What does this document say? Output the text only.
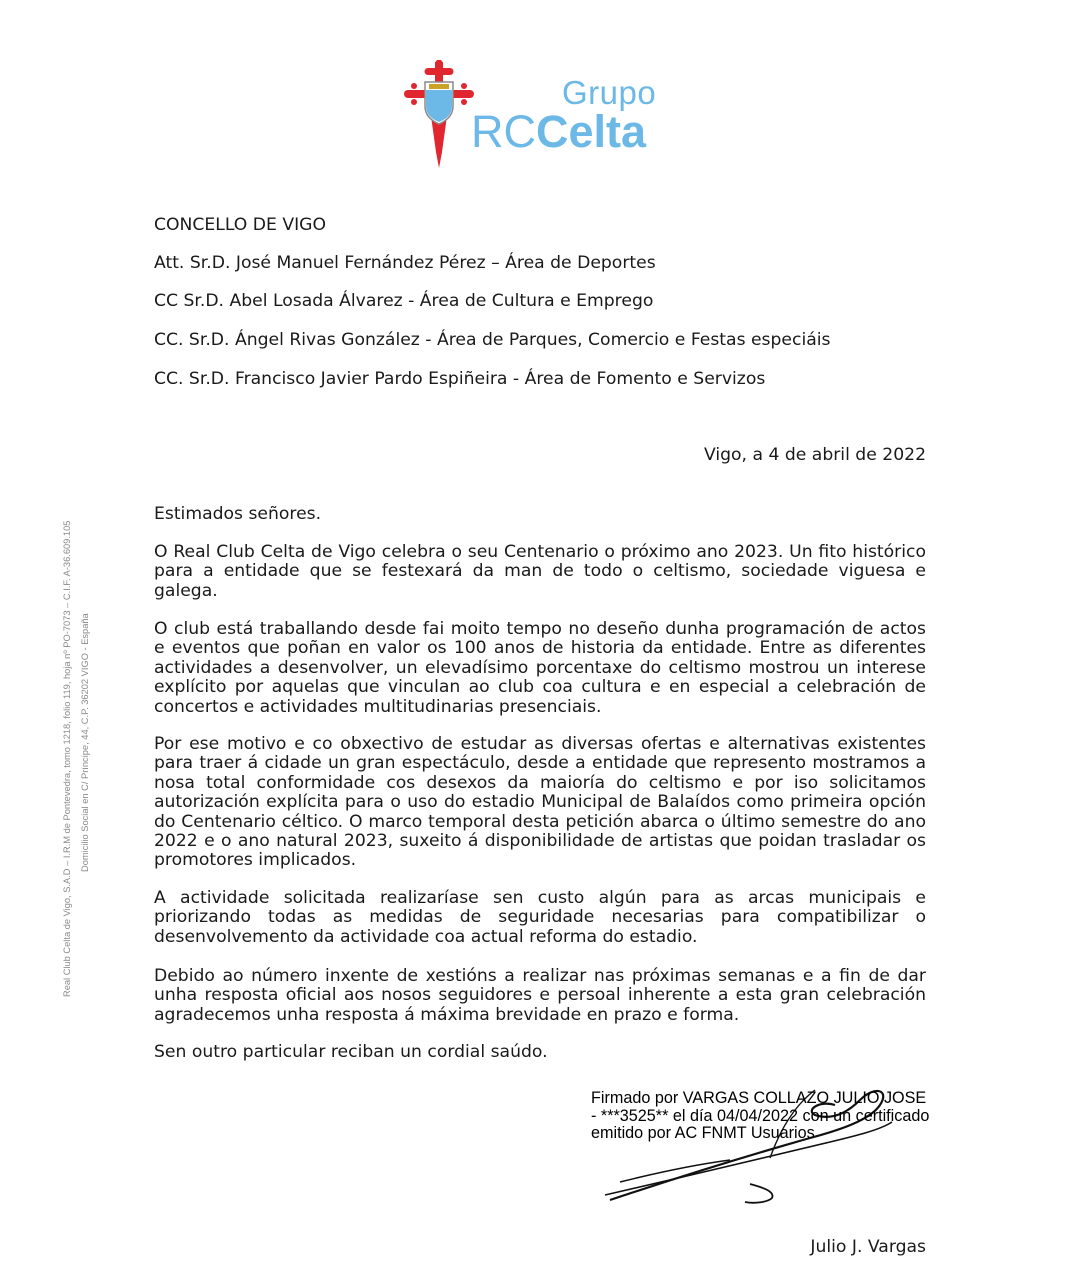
Grupo
RCCelta
Real Club Celta de Vigo, S.A.D – I.R.M de Pontevedra, tomo 1218, folio 119, hoja nº PO-7073 – C.I.F. A-36.609.105 Domicilio Social en C/ Príncipe, 44, C.P. 36202 VIGO - España
CONCELLO DE VIGO
Att. Sr.D. José Manuel Fernández Pérez – Área de Deportes
CC Sr.D. Abel Losada Álvarez - Área de Cultura e Emprego
CC. Sr.D. Ángel Rivas González - Área de Parques, Comercio e Festas especiáis
CC. Sr.D. Francisco Javier Pardo Espiñeira - Área de Fomento e Servizos
Vigo, a 4 de abril de 2022

Estimados señores.

O Real Club Celta de Vigo celebra o seu Centenario o próximo ano 2023. Un fito histórico para a entidade que se festexará da man de todo o celtismo, sociedade viguesa e galega.

O club está traballando desde fai moito tempo no deseño dunha programación de actos e eventos que poñan en valor os 100 anos de historia da entidade. Entre as diferentes actividades a desenvolver, un elevadísimo porcentaxe do celtismo mostrou un interese explícito por aquelas que vinculan ao club coa cultura e en especial a celebración de concertos e actividades multitudinarias presenciais.

Por ese motivo e co obxectivo de estudar as diversas ofertas e alternativas existentes para traer á cidade un gran espectáculo, desde a entidade que represento mostramos a nosa total conformidade cos desexos da maioría do celtismo e por iso solicitamos autorización explícita para o uso do estadio Municipal de Balaídos como primeira opción do Centenario céltico. O marco temporal desta petición abarca o último semestre do ano 2022 e o ano natural 2023, suxeito á disponibilidade de artistas que poidan trasladar os promotores implicados.

A actividade solicitada realizaríase sen custo algún para as arcas municipais e priorizando todas as medidas de seguridade necesarias para compatibilizar o desenvolvemento da actividade coa actual reforma do estadio.

Debido ao número inxente de xestións a realizar nas próximas semanas e a fin de dar unha resposta oficial aos nosos seguidores e persoal inherente a esta gran celebración agradecemos unha resposta á máxima brevidade en prazo e forma.

Sen outro particular reciban un cordial saúdo.

Firmado por VARGAS COLLAZO JULIO JOSE - ***3525** el día 04/04/2022 con un certificado emitido por AC FNMT Usuarios
Julio J. Vargas
